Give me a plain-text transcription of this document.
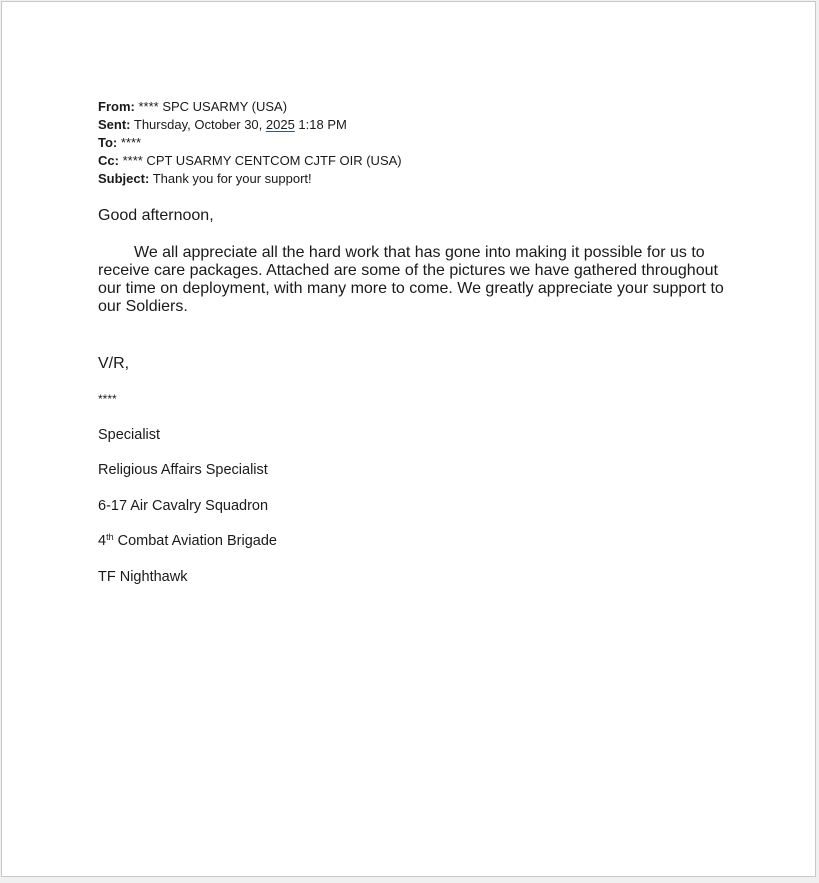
From: **** SPC USARMY (USA)
Sent: Thursday, October 30, 2025 1:18 PM
To: ****
Cc: **** CPT USARMY CENTCOM CJTF OIR (USA)
Subject: Thank you for your support!
Good afternoon,
We all appreciate all the hard work that has gone into making it possible for us to receive care packages. Attached are some of the pictures we have gathered throughout our time on deployment, with many more to come. We greatly appreciate your support to our Soldiers.
V/R,
****
Specialist
Religious Affairs Specialist
6-17 Air Cavalry Squadron
4th Combat Aviation Brigade
TF Nighthawk
